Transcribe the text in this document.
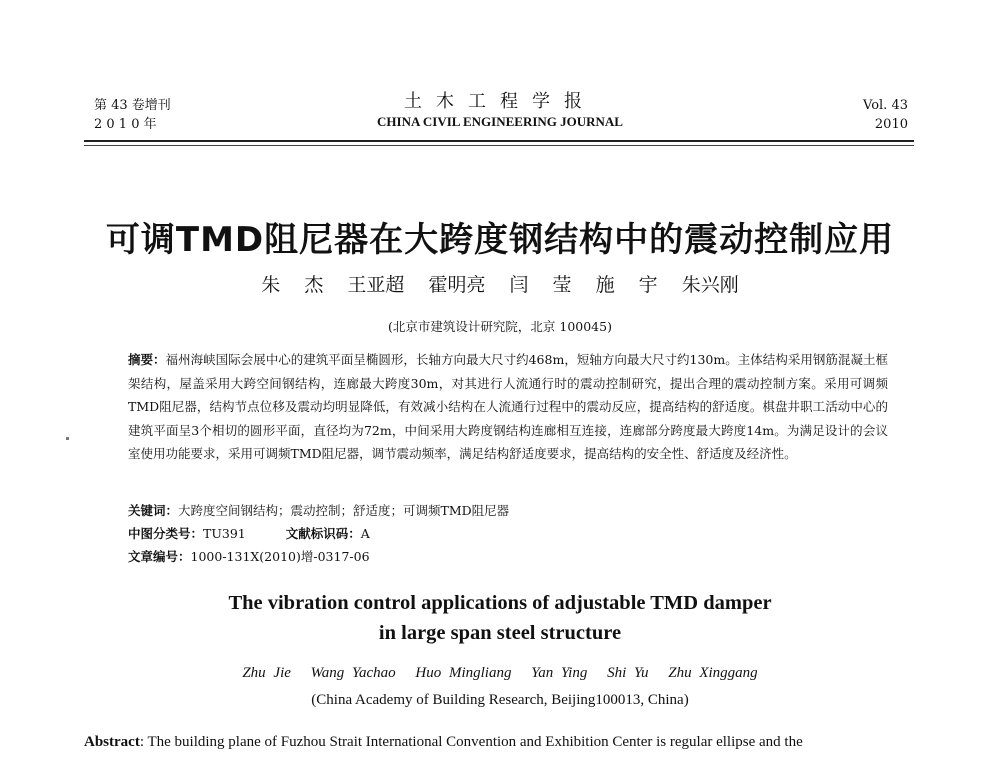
第 43 卷增刊
2 0 1 0 年
土木工程学报
CHINA CIVIL ENGINEERING JOURNAL
Vol. 43
2010
可调TMD阻尼器在大跨度钢结构中的震动控制应用
朱 杰 王亚超 霍明亮 闫 莹 施 宇 朱兴刚
(北京市建筑设计研究院，北京 100045)
摘要：福州海峡国际会展中心的建筑平面呈椭圆形，长轴方向最大尺寸约468m，短轴方向最大尺寸约130m。主体结构采用钢筋混凝土框架结构，屋盖采用大跨空间钢结构，连廊最大跨度30m，对其进行人流通行时的震动控制研究，提出合理的震动控制方案。采用可调频TMD阻尼器，结构节点位移及震动均明显降低，有效减小结构在人流通行过程中的震动反应，提高结构的舒适度。棋盘井职工活动中心的建筑平面呈3个相切的圆形平面，直径均为72m，中间采用大跨度钢结构连廊相互连接，连廊部分跨度最大跨度14m。为满足设计的会议室使用功能要求，采用可调频TMD阻尼器，调节震动频率，满足结构舒适度要求，提高结构的安全性、舒适度及经济性。
关键词：大跨度空间钢结构；震动控制；舒适度；可调频TMD阻尼器
中图分类号：TU391	文献标识码：A
文章编号：1000-131X(2010)增-0317-06
The vibration control applications of adjustable TMD damper
in large span steel structure
Zhu Jie Wang Yachao Huo Mingliang Yan Ying Shi Yu Zhu Xinggang
(China Academy of Building Research, Beijing100013, China)
Abstract: The building plane of Fuzhou Strait International Convention and Exhibition Center is regular ellipse and the
